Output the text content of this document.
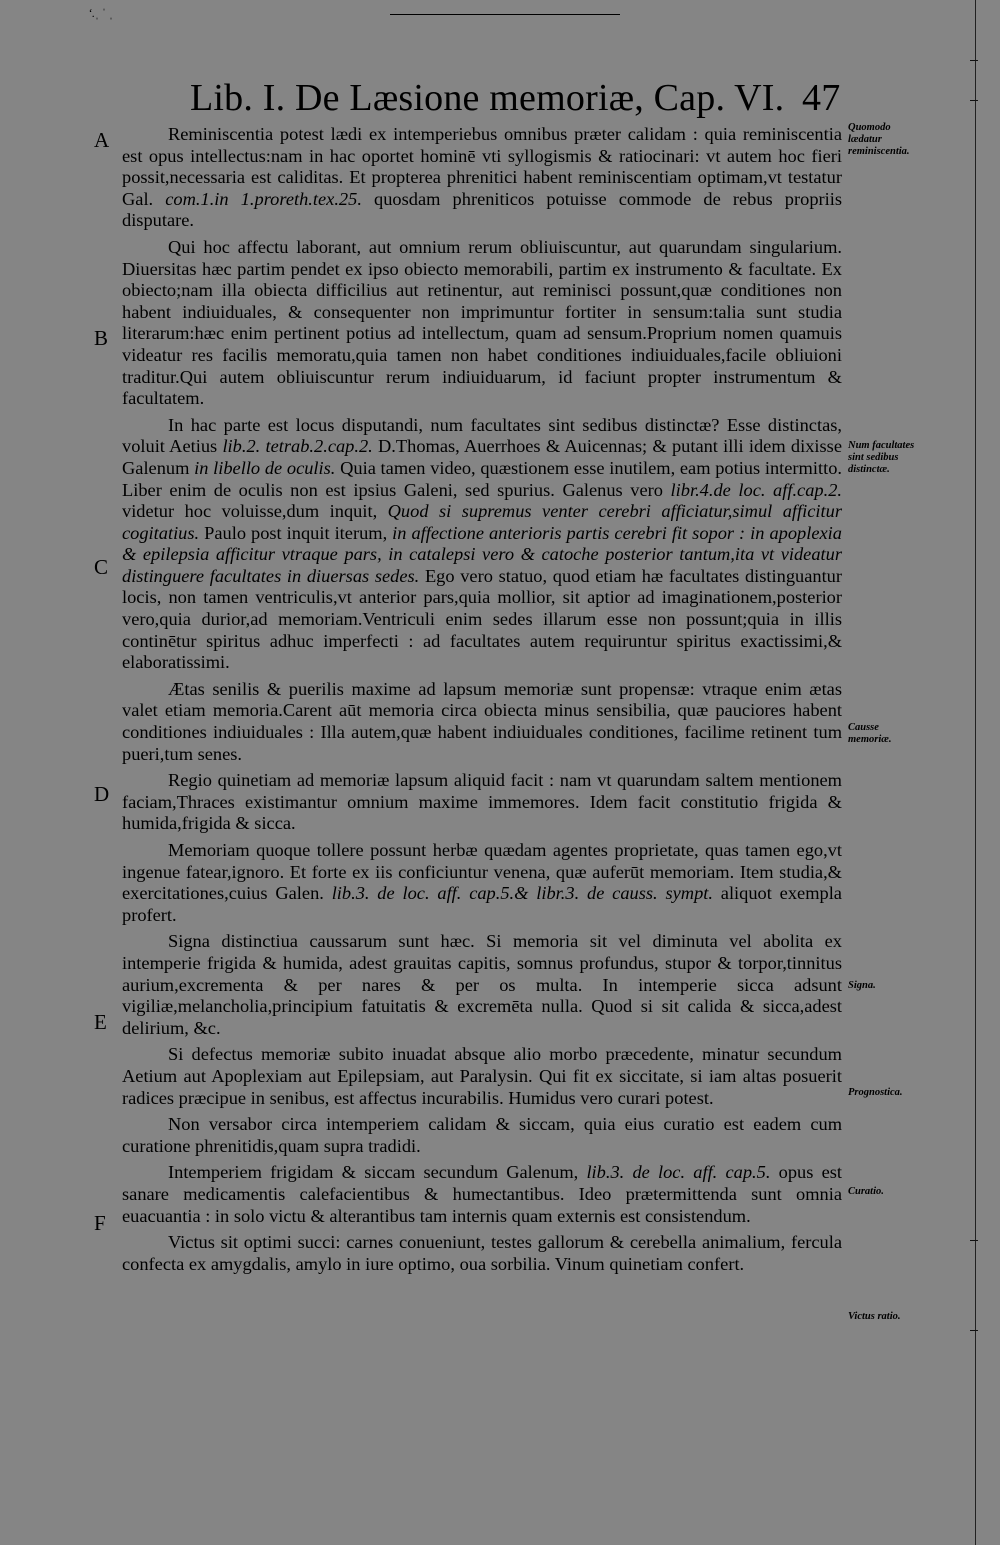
ʻ.ˌ ˈ ˌ
Lib. I. De Læsione memoriæ, Cap. VI. 47
A
B
C
D
E
F
Quomodo lædatur reminiscentia.
Num facultates sint sedibus distinctæ.
Causse memoriæ.
Signa.
Prognostica.
Curatio.
Victus ratio.

Reminiscentia potest lædi ex intemperiebus omnibus præter calidam : quia reminiscentia est opus intellectus:nam in hac oportet hominē vti syllogismis & ratiocinari: vt autem hoc fieri possit,necessaria est caliditas. Et propterea phrenitici habent reminiscentiam optimam,vt testatur Gal. com.1.in 1.proreth.tex.25. quosdam phreniticos potuisse commode de rebus propriis disputare.

Qui hoc affectu laborant, aut omnium rerum obliuiscuntur, aut quarundam singularium. Diuersitas hæc partim pendet ex ipso obiecto memorabili, partim ex instrumento & facultate. Ex obiecto;nam illa obiecta difficilius aut retinentur, aut reminisci possunt,quæ conditiones non habent indiuiduales, & consequenter non imprimuntur fortiter in sensum:talia sunt studia literarum:hæc enim pertinent potius ad intellectum, quam ad sensum.Proprium nomen quamuis videatur res facilis memoratu,quia tamen non habet conditiones indiuiduales,facile obliuioni traditur.Qui autem obliuiscuntur rerum indiuiduarum, id faciunt propter instrumentum & facultatem.

In hac parte est locus disputandi, num facultates sint sedibus distinctæ? Esse distinctas, voluit Aetius lib.2. tetrab.2.cap.2. D.Thomas, Auerrhoes & Auicennas; & putant illi idem dixisse Galenum in libello de oculis. Quia tamen video, quæstionem esse inutilem, eam potius intermitto. Liber enim de oculis non est ipsius Galeni, sed spurius. Galenus vero libr.4.de loc. aff.cap.2. videtur hoc voluisse,dum inquit, Quod si supremus venter cerebri afficiatur,simul afficitur cogitatius. Paulo post inquit iterum, in affectione anterioris partis cerebri fit sopor : in apoplexia & epilepsia afficitur vtraque pars, in catalepsi vero & catoche posterior tantum,ita vt videatur distinguere facultates in diuersas sedes. Ego vero statuo, quod etiam hæ facultates distinguantur locis, non tamen ventriculis,vt anterior pars,quia mollior, sit aptior ad imaginationem,posterior vero,quia durior,ad memoriam.Ventriculi enim sedes illarum esse non possunt;quia in illis continētur spiritus adhuc imperfecti : ad facultates autem requiruntur spiritus exactissimi,& elaboratissimi.

Ætas senilis & puerilis maxime ad lapsum memoriæ sunt propensæ: vtraque enim ætas valet etiam memoria.Carent aūt memoria circa obiecta minus sensibilia, quæ pauciores habent conditiones indiuiduales : Illa autem,quæ habent indiuiduales conditiones, facilime retinent tum pueri,tum senes.

Regio quinetiam ad memoriæ lapsum aliquid facit : nam vt quarundam saltem mentionem faciam,Thraces existimantur omnium maxime immemores. Idem facit constitutio frigida & humida,frigida & sicca.

Memoriam quoque tollere possunt herbæ quædam agentes proprietate, quas tamen ego,vt ingenue fatear,ignoro. Et forte ex iis conficiuntur venena, quæ auferūt memoriam. Item studia,& exercitationes,cuius Galen. lib.3. de loc. aff. cap.5.& libr.3. de causs. sympt. aliquot exempla profert.

Signa distinctiua caussarum sunt hæc. Si memoria sit vel diminuta vel abolita ex intemperie frigida & humida, adest grauitas capitis, somnus profundus, stupor & torpor,tinnitus aurium,excrementa & per nares & per os multa. In intemperie sicca adsunt vigiliæ,melancholia,principium fatuitatis & excremēta nulla. Quod si sit calida & sicca,adest delirium, &c.

Si defectus memoriæ subito inuadat absque alio morbo præcedente, minatur secundum Aetium aut Apoplexiam aut Epilepsiam, aut Paralysin. Qui fit ex siccitate, si iam altas posuerit radices præcipue in senibus, est affectus incurabilis. Humidus vero curari potest.

Non versabor circa intemperiem calidam & siccam, quia eius curatio est eadem cum curatione phrenitidis,quam supra tradidi.

Intemperiem frigidam & siccam secundum Galenum, lib.3. de loc. aff. cap.5. opus est sanare medicamentis calefacientibus & humectantibus. Ideo prætermittenda sunt omnia euacuantia : in solo victu & alterantibus tam internis quam externis est consistendum.

Victus sit optimi succi: carnes conueniunt, testes gallorum & cerebella animalium, fercula confecta ex amygdalis, amylo in iure optimo, oua sorbilia. Vinum quinetiam confert.
